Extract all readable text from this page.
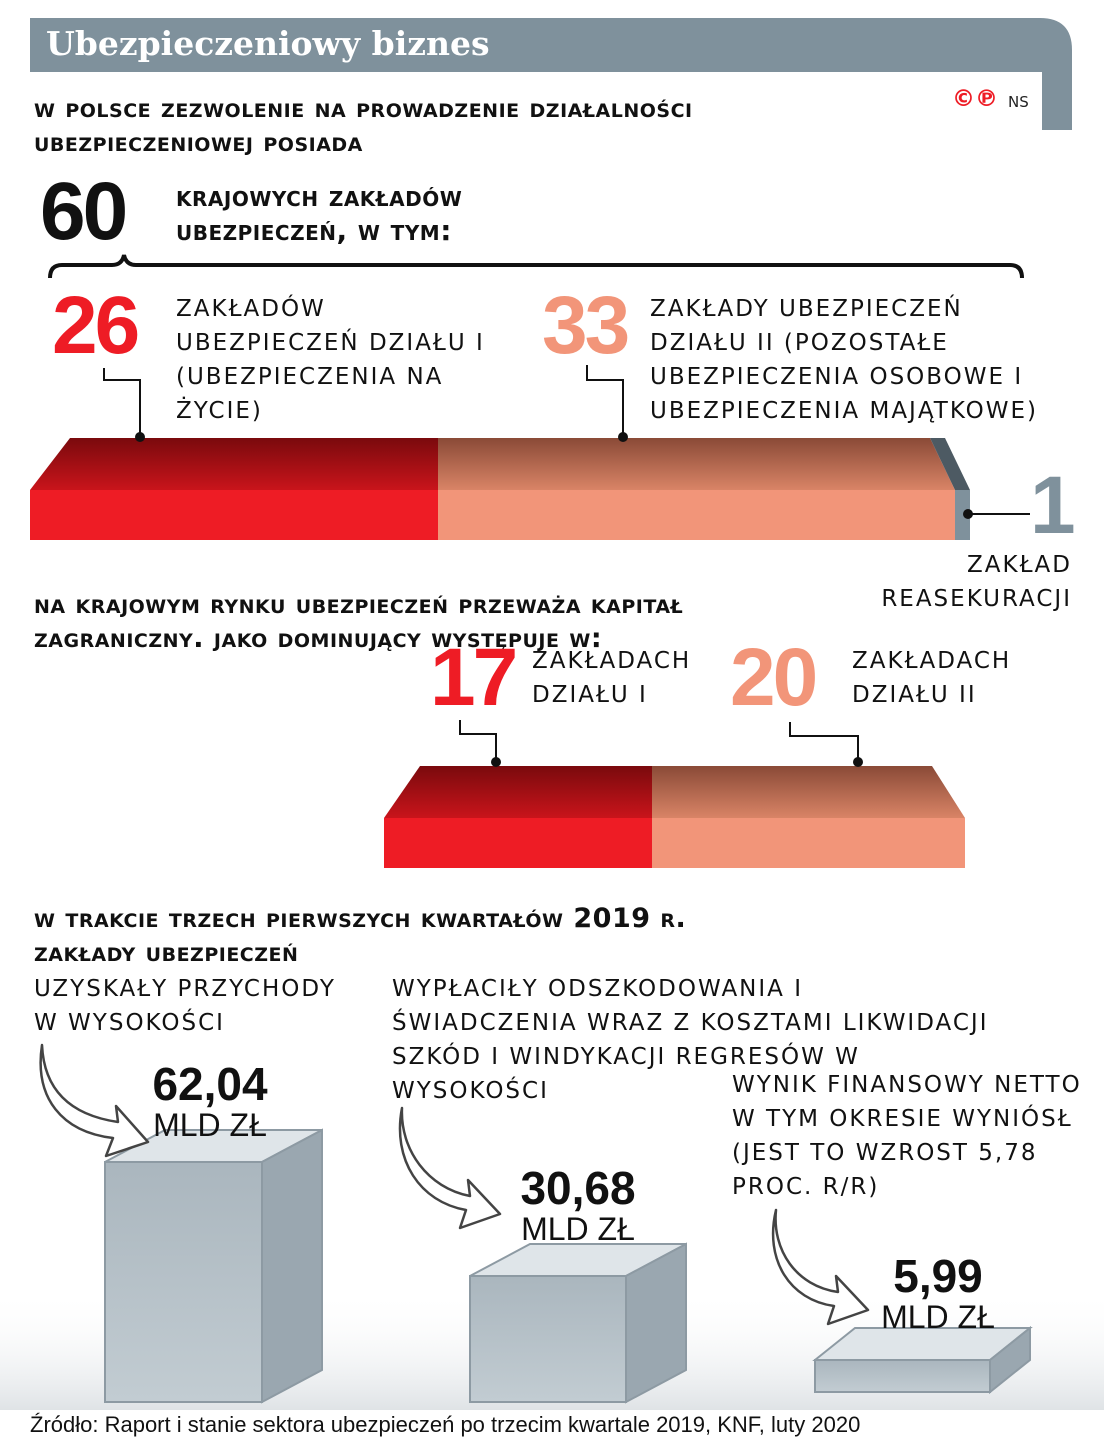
Ubezpieczeniowy biznes
©℗ NS
w polsce zezwolenie na prowadzenie działalności ubezpieczeniowej posiada
60 krajowych zakładów ubezpieczeń, w tym:
26 ZAKŁADÓW UBEZPIECZEŃ DZIAŁU I (UBEZPIECZENIA NA ŻYCIE)
33 ZAKŁADY UBEZPIECZEŃ DZIAŁU II (POZOSTAŁE UBEZPIECZENIA OSOBOWE I UBEZPIECZENIA MAJĄTKOWE)
1
ZAKŁAD
REASEKURACJI
na krajowym rynku ubezpieczeń przeważa kapitał zagraniczny. jako dominujący występuje w:
17 ZAKŁADACH DZIAŁU I	20 ZAKŁADACH DZIAŁU II
w trakcie trzech pierwszych kwartałów 2019 r.
zakłady ubezpieczeń
UZYSKAŁY PRZYCHODY W WYSOKOŚCI
WYPŁACIŁY ODSZKODOWANIA I ŚWIADCZENIA WRAZ Z KOSZTAMI LIKWIDACJI SZKÓD I WINDYKACJI REGRESÓW W WYSOKOŚCI	WYNIK FINANSOWY NETTO W TYM OKRESIE WYNIÓSŁ (JEST TO WZROST 5,78 PROC. R/R)
62,04
MLD ZŁ
30,68
MLD ZŁ
5,99
MLD ZŁ
Źródło: Raport i stanie sektora ubezpieczeń po trzecim kwartale 2019, KNF, luty 2020
